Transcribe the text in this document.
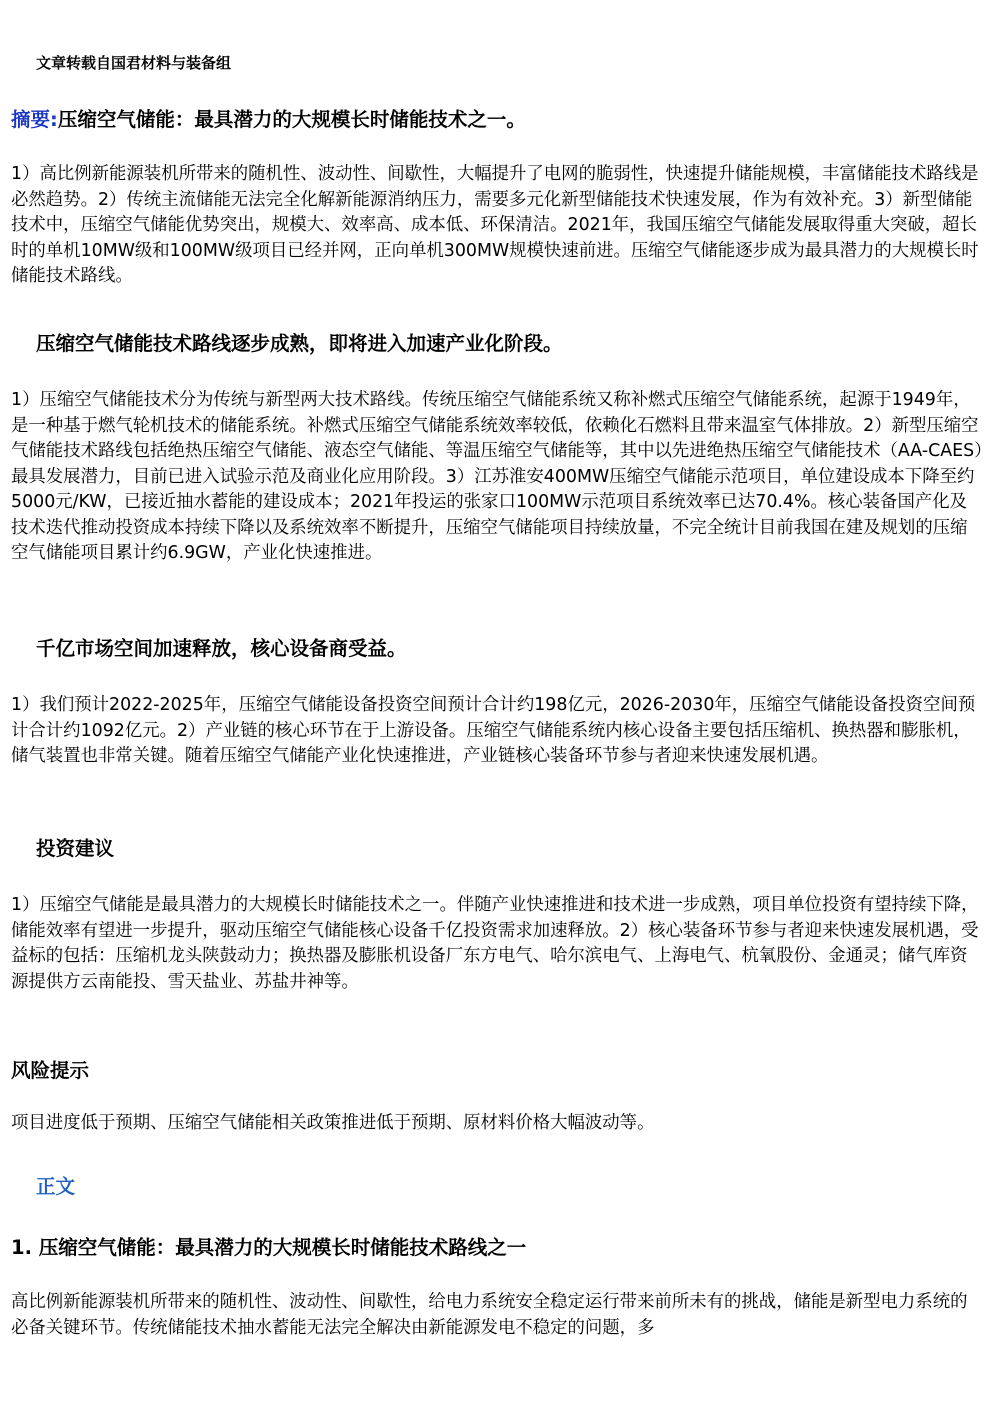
文章转载自国君材料与装备组
摘要:压缩空气储能：最具潜力的大规模长时储能技术之一。

1）高比例新能源装机所带来的随机性、波动性、间歇性，大幅提升了电网的脆弱性，快速提升储能规模，丰富储能技术路线是必然趋势。2）传统主流储能无法完全化解新能源消纳压力，需要多元化新型储能技术快速发展，作为有效补充。3）新型储能技术中，压缩空气储能优势突出，规模大、效率高、成本低、环保清洁。2021年，我国压缩空气储能发展取得重大突破，超长时的单机10MW级和100MW级项目已经并网，正向单机300MW规模快速前进。压缩空气储能逐步成为最具潜力的大规模长时储能技术路线。

压缩空气储能技术路线逐步成熟，即将进入加速产业化阶段。

1）压缩空气储能技术分为传统与新型两大技术路线。传统压缩空气储能系统又称补燃式压缩空气储能系统，起源于1949年，是一种基于燃气轮机技术的储能系统。补燃式压缩空气储能系统效率较低，依赖化石燃料且带来温室气体排放。2）新型压缩空气储能技术路线包括绝热压缩空气储能、液态空气储能、等温压缩空气储能等，其中以先进绝热压缩空气储能技术（AA-CAES）最具发展潜力，目前已进入试验示范及商业化应用阶段。3）江苏淮安400MW压缩空气储能示范项目，单位建设成本下降至约5000元/KW，已接近抽水蓄能的建设成本；2021年投运的张家口100MW示范项目系统效率已达70.4%。核心装备国产化及技术迭代推动投资成本持续下降以及系统效率不断提升，压缩空气储能项目持续放量，不完全统计目前我国在建及规划的压缩空气储能项目累计约6.9GW，产业化快速推进。

千亿市场空间加速释放，核心设备商受益。

1）我们预计2022-2025年，压缩空气储能设备投资空间预计合计约198亿元，2026-2030年，压缩空气储能设备投资空间预计合计约1092亿元。2）产业链的核心环节在于上游设备。压缩空气储能系统内核心设备主要包括压缩机、换热器和膨胀机，储气装置也非常关键。随着压缩空气储能产业化快速推进，产业链核心装备环节参与者迎来快速发展机遇。

投资建议

1）压缩空气储能是最具潜力的大规模长时储能技术之一。伴随产业快速推进和技术进一步成熟，项目单位投资有望持续下降，储能效率有望进一步提升，驱动压缩空气储能核心设备千亿投资需求加速释放。2）核心装备环节参与者迎来快速发展机遇，受益标的包括：压缩机龙头陕鼓动力；换热器及膨胀机设备厂东方电气、哈尔滨电气、上海电气、杭氧股份、金通灵；储气库资源提供方云南能投、雪天盐业、苏盐井神等。

风险提示

项目进度低于预期、压缩空气储能相关政策推进低于预期、原材料价格大幅波动等。

正文
1. 压缩空气储能：最具潜力的大规模长时储能技术路线之一

高比例新能源装机所带来的随机性、波动性、间歇性，给电力系统安全稳定运行带来前所未有的挑战，储能是新型电力系统的必备关键环节。传统储能技术抽水蓄能无法完全解决由新能源发电不稳定的问题，多
